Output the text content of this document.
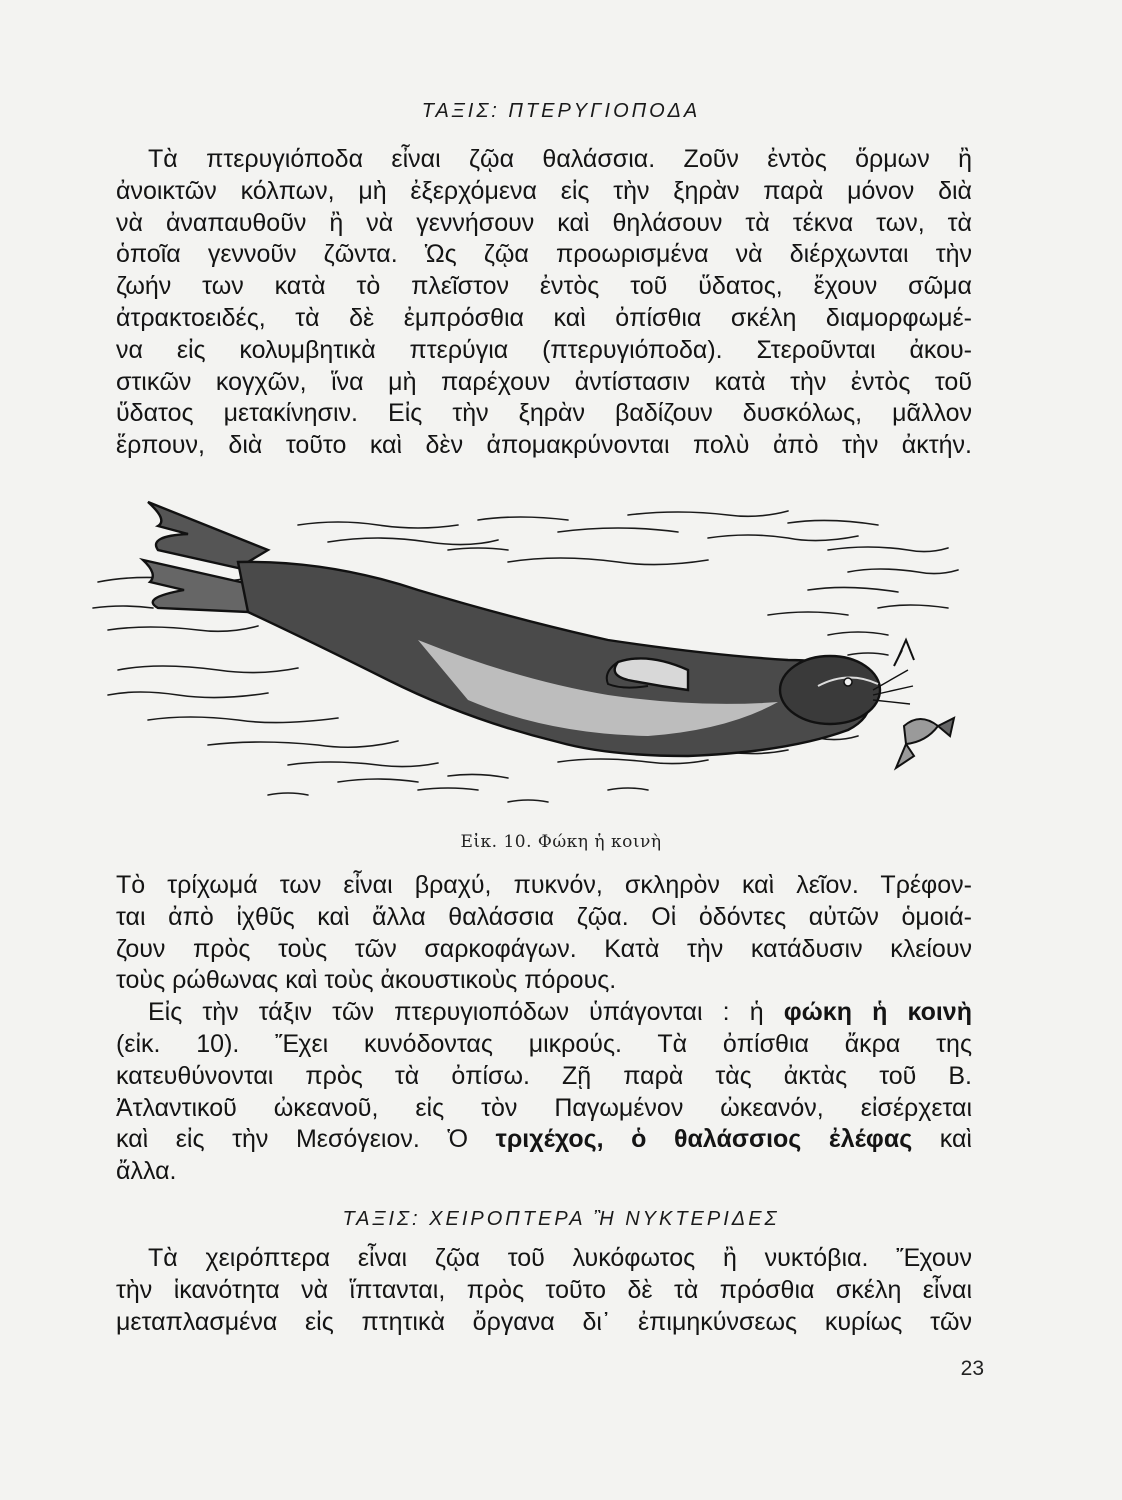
ΤΑΞΙΣ: ΠΤΕΡΥΓΙΟΠΟΔΑ
Τὰ πτερυγιόποδα εἶναι ζῷα θαλάσσια. Ζοῦν ἐντὸς ὅρμων ἢ
ἀνοικτῶν κόλπων, μὴ ἐξερχόμενα εἰς τὴν ξηρὰν παρὰ μόνον διὰ
νὰ ἀναπαυθοῦν ἢ νὰ γεννήσουν καὶ θηλάσουν τὰ τέκνα των, τὰ
ὁποῖα γεννοῦν ζῶντα. Ὡς ζῷα προωρισμένα νὰ διέρχωνται τὴν
ζωήν των κατὰ τὸ πλεῖστον ἐντὸς τοῦ ὕδατος, ἔχουν σῶμα
ἀτρακτοειδές, τὰ δὲ ἐμπρόσθια καὶ ὀπίσθια σκέλη διαμορφωμέ-
να εἰς κολυμβητικὰ πτερύγια (πτερυγιόποδα). Στεροῦνται ἀκου-
στικῶν κογχῶν, ἵνα μὴ παρέχουν ἀντίστασιν κατὰ τὴν ἐντὸς τοῦ
ὕδατος μετακίνησιν. Εἰς τὴν ξηρὰν βαδίζουν δυσκόλως, μᾶλλον
ἕρπουν, διὰ τοῦτο καὶ δὲν ἀπομακρύνονται πολὺ ἀπὸ τὴν ἀκτήν.
Εἰκ. 10. Φώκη ἡ κοινὴ
Τὸ τρίχωμά των εἶναι βραχύ, πυκνόν, σκληρὸν καὶ λεῖον. Τρέφον-
ται ἀπὸ ἰχθῦς καὶ ἄλλα θαλάσσια ζῷα. Οἱ ὀδόντες αὐτῶν ὁμοιά-
ζουν πρὸς τοὺς τῶν σαρκοφάγων. Κατὰ τὴν κατάδυσιν κλείουν
τοὺς ρώθωνας καὶ τοὺς ἀκουστικοὺς πόρους.
Εἰς τὴν τάξιν τῶν πτερυγιοπόδων ὑπάγονται : ἡ φώκη ἡ κοινὴ
(εἰκ. 10). Ἔχει κυνόδοντας μικρούς. Τὰ ὀπίσθια ἄκρα της
κατευθύνονται πρὸς τὰ ὀπίσω. Ζῇ παρὰ τὰς ἀκτὰς τοῦ Β.
Ἀτλαντικοῦ ὠκεανοῦ, εἰς τὸν Παγωμένον ὠκεανόν, εἰσέρχεται
καὶ εἰς τὴν Μεσόγειον. Ὁ τριχέχος, ὁ θαλάσσιος ἐλέφας καὶ
ἄλλα.
ΤΑΞΙΣ: ΧΕΙΡΟΠΤΕΡΑ Ἢ ΝΥΚΤΕΡΙΔΕΣ
Τὰ χειρόπτερα εἶναι ζῷα τοῦ λυκόφωτος ἢ νυκτόβια. Ἔχουν
τὴν ἱκανότητα νὰ ἵπτανται, πρὸς τοῦτο δὲ τὰ πρόσθια σκέλη εἶναι
μεταπλασμένα εἰς πτητικὰ ὄργανα δι᾽ ἐπιμηκύνσεως κυρίως τῶν
23
